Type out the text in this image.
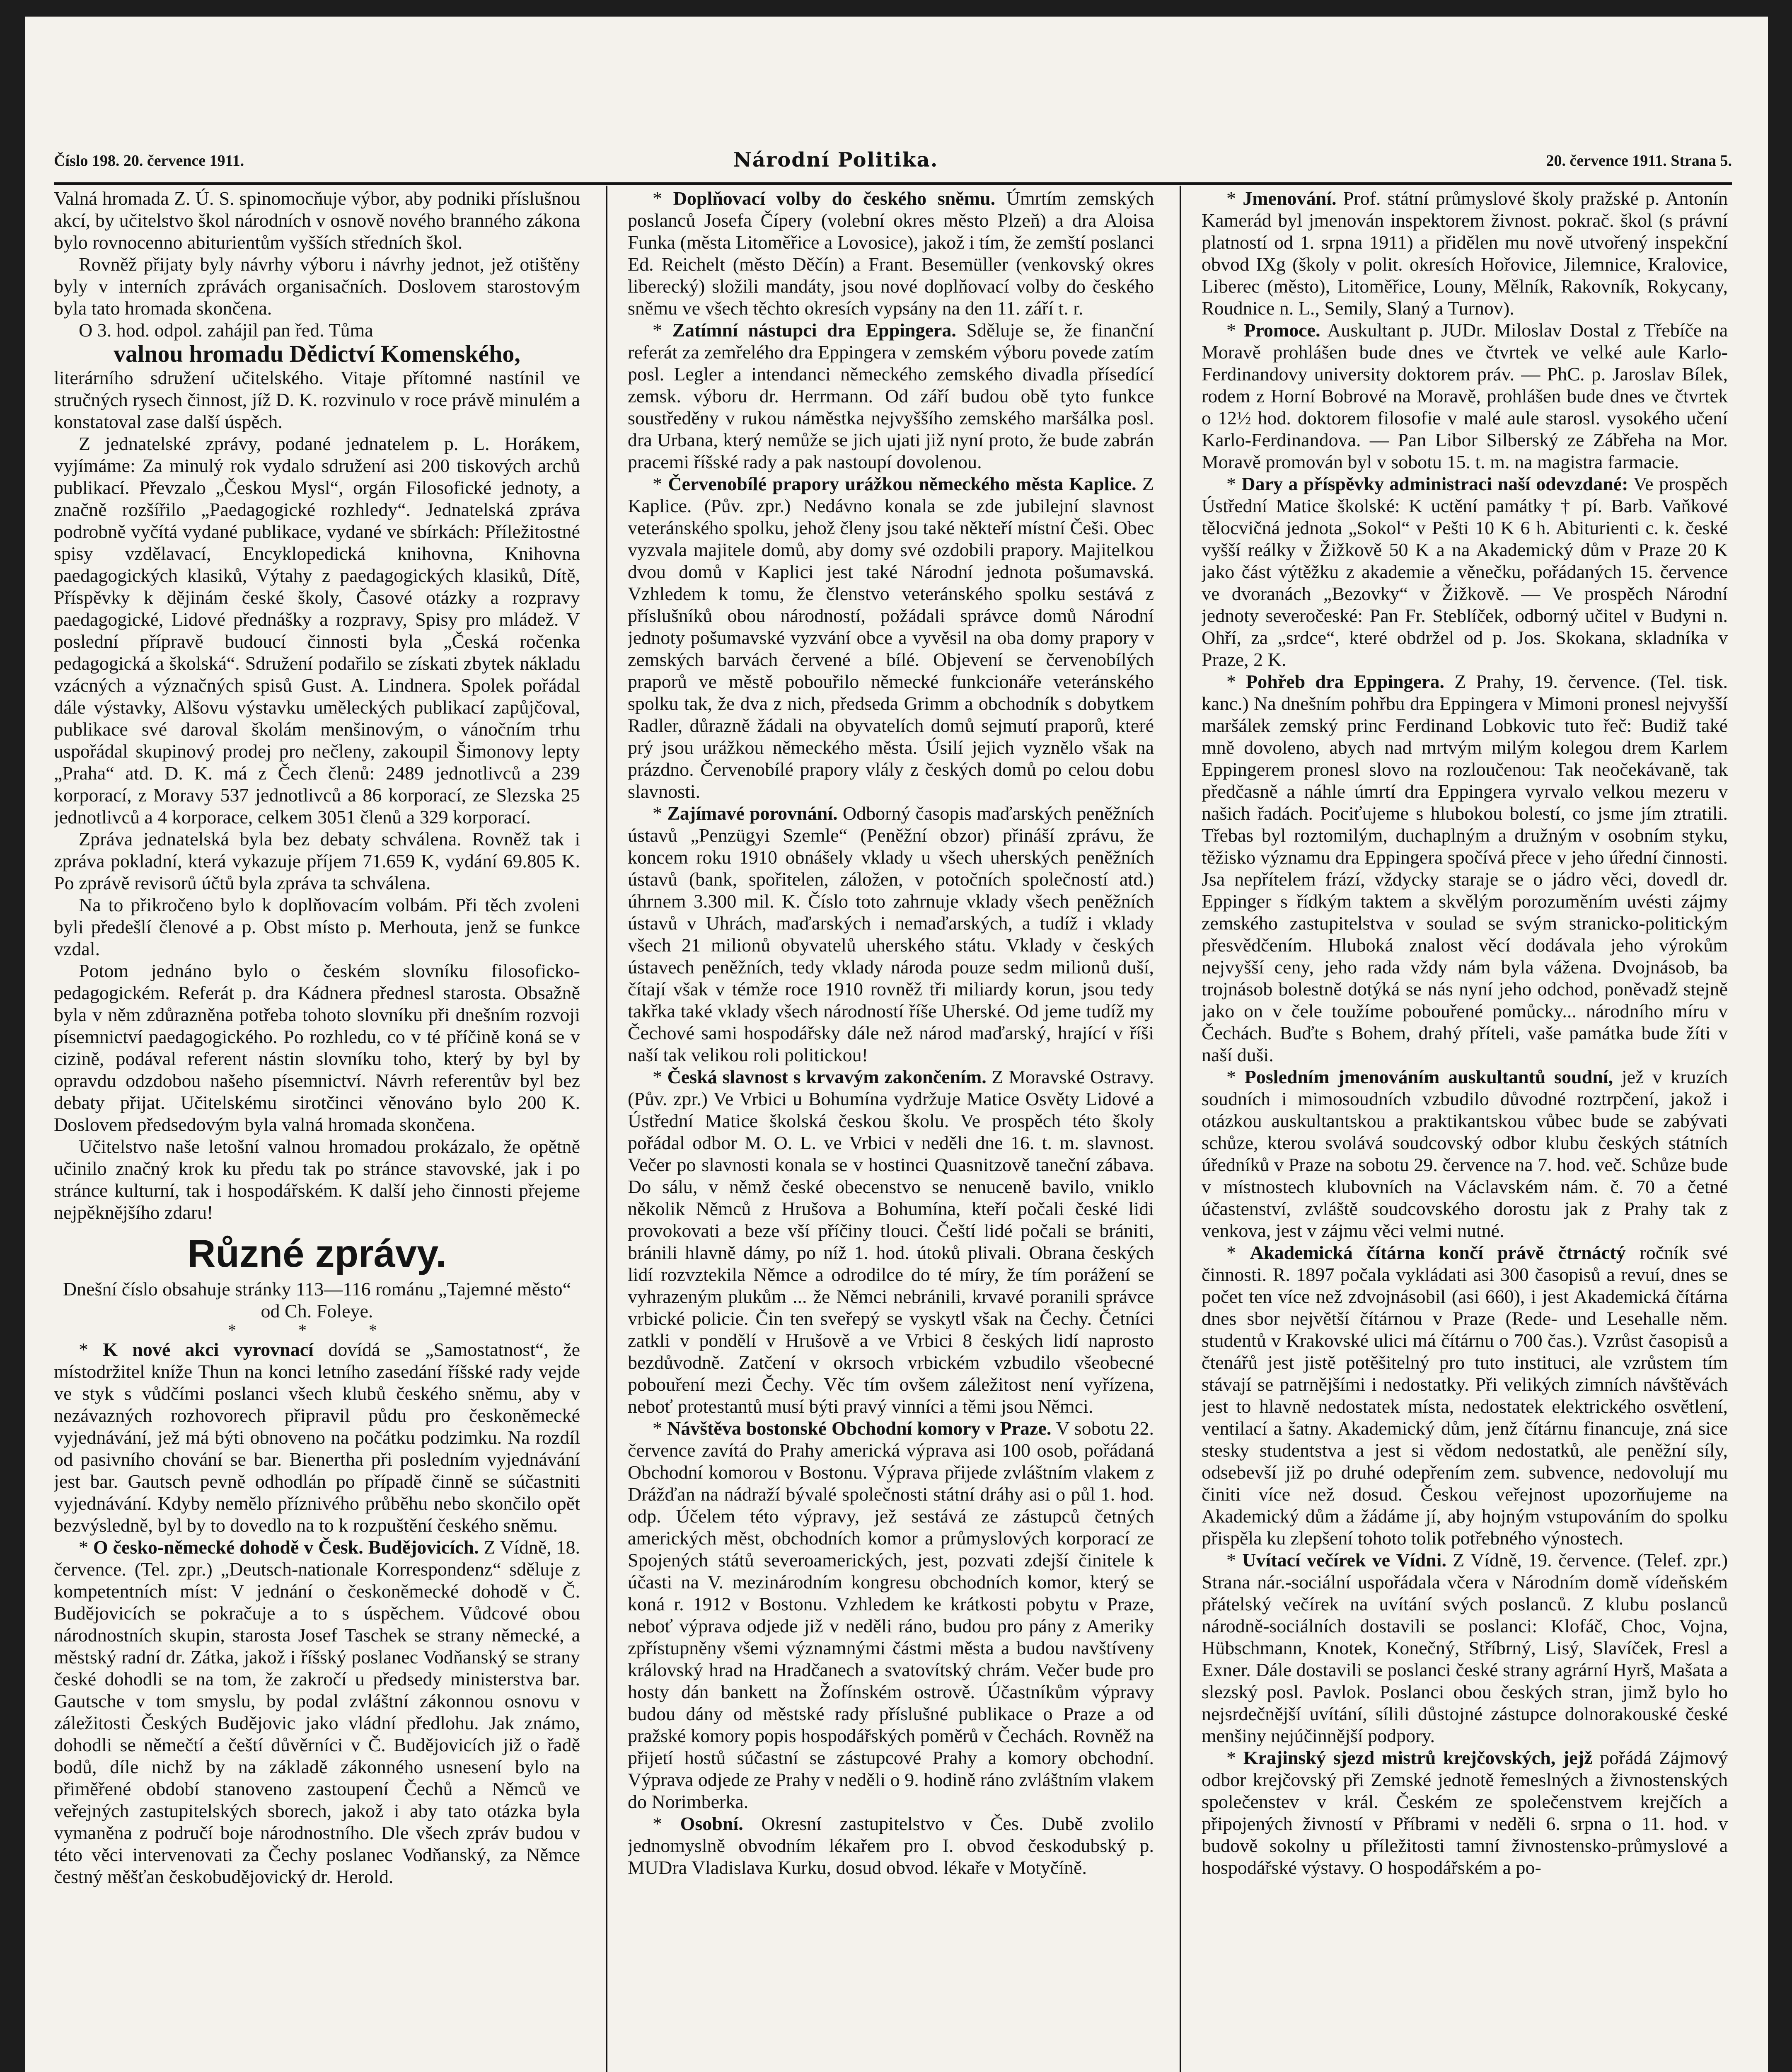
Číslo 198. 20. července 1911.	Národní Politika.	20. července 1911. Strana 5.

Valná hromada Z. Ú. S. spinomocňuje výbor, aby podniki příslušnou akcí, by učitelstvo škol národních v osnově nového branného zákona bylo rovnocenno abiturientům vyšších středních škol.

Rovněž přijaty byly návrhy výboru i návrhy jednot, jež otištěny byly v interních zprávách organisačních. Doslovem starostovým byla tato hromada skončena.

O 3. hod. odpol. zahájil pan řed. Tůma

valnou hromadu Dědictví Komenského,

literárního sdružení učitelského. Vitaje přítomné nastínil ve stručných rysech činnost, jíž D. K. rozvinulo v roce právě minulém a konstatoval zase další úspěch.

Z jednatelské zprávy, podané jednatelem p. L. Horákem, vyjímáme: Za minulý rok vydalo sdružení asi 200 tiskových archů publikací. Převzalo „Českou Mysl“, orgán Filosofické jednoty, a značně rozšířilo „Paedagogické rozhledy“. Jednatelská zpráva podrobně vyčítá vydané publikace, vydané ve sbírkách: Příležitostné spisy vzdělavací, Encyklopedická knihovna, Knihovna paedagogických klasiků, Výtahy z paedagogických klasiků, Dítě, Příspěvky k dějinám české školy, Časové otázky a rozpravy paedagogické, Lidové přednášky a rozpravy, Spisy pro mládež. V poslední přípravě budoucí činnosti byla „Česká ročenka pedagogická a školská“. Sdružení podařilo se získati zbytek nákladu vzácných a význačných spisů Gust. A. Lindnera. Spolek pořádal dále výstavky, Alšovu výstavku uměleckých publikací zapůjčoval, publikace své daroval školám menšinovým, o vánočním trhu uspořádal skupinový prodej pro nečleny, zakoupil Šimonovy lepty „Praha“ atd. D. K. má z Čech členů: 2489 jednotlivců a 239 korporací, z Moravy 537 jednotlivců a 86 korporací, ze Slezska 25 jednotlivců a 4 korporace, celkem 3051 členů a 329 korporací.

Zpráva jednatelská byla bez debaty schválena. Rovněž tak i zpráva pokladní, která vykazuje příjem 71.659 K, vydání 69.805 K. Po zprávě revisorů účtů byla zpráva ta schválena.

Na to přikročeno bylo k doplňovacím volbám. Při těch zvoleni byli předešlí členové a p. Obst místo p. Merhouta, jenž se funkce vzdal.

Potom jednáno bylo o českém slovníku filosoficko-pedagogickém. Referát p. dra Kádnera přednesl starosta. Obsažně byla v něm zdůrazněna potřeba tohoto slovníku při dnešním rozvoji písemnictví paedagogického. Po rozhledu, co v té příčině koná se v cizině, podával referent nástin slovníku toho, který by byl by opravdu odzdobou našeho písemnictví. Návrh referentův byl bez debaty přijat. Učitelskému sirotčinci věnováno bylo 200 K. Doslovem předsedovým byla valná hromada skončena.

Učitelstvo naše letošní valnou hromadou prokázalo, že opětně učinilo značný krok ku předu tak po stránce stavovské, jak i po stránce kulturní, tak i hospodářském. K další jeho činnosti přejeme nejpěknějšího zdaru!

Různé zprávy.

Dnešní číslo obsahuje stránky 113—116 románu „Tajemné město“ od Ch. Foleye.

* * *

* K nové akci vyrovnací dovídá se „Samostatnost“, že místodržitel kníže Thun na konci letního zasedání říšské rady vejde ve styk s vůdčími poslanci všech klubů českého sněmu, aby v nezávazných rozhovorech připravil půdu pro českoněmecké vyjednávání, jež má býti obnoveno na počátku podzimku. Na rozdíl od pasivního chování se bar. Bienertha při posledním vyjednávání jest bar. Gautsch pevně odhodlán po případě činně se súčastniti vyjednávání. Kdyby nemělo příznivého průběhu nebo skončilo opět bezvýsledně, byl by to dovedlo na to k rozpuštění českého sněmu.

* O česko-německé dohodě v Česk. Budějovicích. Z Vídně, 18. července. (Tel. zpr.) „Deutsch-nationale Korrespondenz“ sděluje z kompetentních míst: V jednání o českoněmecké dohodě v Č. Budějovicích se pokračuje a to s úspěchem. Vůdcové obou národnostních skupin, starosta Josef Taschek se strany německé, a městský radní dr. Zátka, jakož i říšský poslanec Vodňanský se strany české dohodli se na tom, že zakročí u předsedy ministerstva bar. Gautsche v tom smyslu, by podal zvláštní zákonnou osnovu v záležitosti Českých Budějovic jako vládní předlohu. Jak známo, dohodli se němečtí a čeští důvěrníci v Č. Budějovicích již o řadě bodů, díle nichž by na základě zákonného usnesení bylo na přiměřené období stanoveno zastoupení Čechů a Němců ve veřejných zastupitelských sborech, jakož i aby tato otázka byla vymaněna z područí boje národnostního. Dle všech zpráv budou v této věci intervenovati za Čechy poslanec Vodňanský, za Němce čestný měšťan českobudějovický dr. Herold.

* Doplňovací volby do českého sněmu. Úmrtím zemských poslanců Josefa Čípery (volební okres město Plzeň) a dra Aloisa Funka (města Litoměřice a Lovosice), jakož i tím, že zemští poslanci Ed. Reichelt (město Děčín) a Frant. Besemüller (venkovský okres liberecký) složili mandáty, jsou nové doplňovací volby do českého sněmu ve všech těchto okresích vypsány na den 11. září t. r.

* Zatímní nástupci dra Eppingera. Sděluje se, že finanční referát za zemřelého dra Eppingera v zemském výboru povede zatím posl. Legler a intendanci německého zemského divadla přísedící zemsk. výboru dr. Herrmann. Od září budou obě tyto funkce soustředěny v rukou náměstka nejvyššího zemského maršálka posl. dra Urbana, který nemůže se jich ujati již nyní proto, že bude zabrán pracemi říšské rady a pak nastoupí dovolenou.

* Červenobílé prapory urážkou německého města Kaplice. Z Kaplice. (Pův. zpr.) Nedávno konala se zde jubilejní slavnost veteránského spolku, jehož členy jsou také někteří místní Češi. Obec vyzvala majitele domů, aby domy své ozdobili prapory. Majitelkou dvou domů v Kaplici jest také Národní jednota pošumavská. Vzhledem k tomu, že členstvo veteránského spolku sestává z příslušníků obou národností, požádali správce domů Národní jednoty pošumavské vyzvání obce a vyvěsil na oba domy prapory v zemských barvách červené a bílé. Objevení se červenobílých praporů ve městě pobouřilo německé funkcionáře veteránského spolku tak, že dva z nich, předseda Grimm a obchodník s dobytkem Radler, důrazně žádali na obyvatelích domů sejmutí praporů, které prý jsou urážkou německého města. Úsilí jejich vyznělo však na prázdno. Červenobílé prapory vlály z českých domů po celou dobu slavnosti.

* Zajímavé porovnání. Odborný časopis maďarských peněžních ústavů „Penzügyi Szemle“ (Peněžní obzor) přináší zprávu, že koncem roku 1910 obnášely vklady u všech uherských peněžních ústavů (bank, spořitelen, záložen, v potočních společností atd.) úhrnem 3.300 mil. K. Číslo toto zahrnuje vklady všech peněžních ústavů v Uhrách, maďarských i nemaďarských, a tudíž i vklady všech 21 milionů obyvatelů uherského státu. Vklady v českých ústavech peněžních, tedy vklady národa pouze sedm milionů duší, čítají však v témže roce 1910 rovněž tři miliardy korun, jsou tedy takřka také vklady všech národností říše Uherské. Od jeme tudíž my Čechové sami hospodářsky dále než národ maďarský, hrající v říši naší tak velikou roli politickou!

* Česká slavnost s krvavým zakončením. Z Moravské Ostravy. (Pův. zpr.) Ve Vrbici u Bohumína vydržuje Matice Osvěty Lidové a Ústřední Matice školská českou školu. Ve prospěch této školy pořádal odbor M. O. L. ve Vrbici v neděli dne 16. t. m. slavnost. Večer po slavnosti konala se v hostinci Quasnitzově taneční zábava. Do sálu, v němž české obecenstvo se nenuceně bavilo, vniklo několik Němců z Hrušova a Bohumína, kteří počali české lidi provokovati a beze vší příčiny tlouci. Čeští lidé počali se brániti, bránili hlavně dámy, po níž 1. hod. útoků plivali. Obrana českých lidí rozvztekila Němce a odrodilce do té míry, že tím porážení se vyhrazeným plukům ... že Němci nebránili, krvavé poranili správce vrbické policie. Čin ten sveřepý se vyskytl však na Čechy. Četníci zatkli v pondělí v Hrušově a ve Vrbici 8 českých lidí naprosto bezdůvodně. Zatčení v okrsoch vrbickém vzbudilo všeobecné pobouření mezi Čechy. Věc tím ovšem záležitost není vyřízena, neboť protestantů musí býti pravý vinníci a těmi jsou Němci.

* Návštěva bostonské Obchodní komory v Praze. V sobotu 22. července zavítá do Prahy americká výprava asi 100 osob, pořádaná Obchodní komorou v Bostonu. Výprava přijede zvláštním vlakem z Drážďan na nádraží bývalé společnosti státní dráhy asi o půl 1. hod. odp. Účelem této výpravy, jež sestává ze zástupců četných amerických měst, obchodních komor a průmyslových korporací ze Spojených států severoamerických, jest, pozvati zdejší činitele k účasti na V. mezinárodním kongresu obchodních komor, který se koná r. 1912 v Bostonu. Vzhledem ke krátkosti pobytu v Praze, neboť výprava odjede již v neděli ráno, budou pro pány z Ameriky zpřístupněny všemi významnými částmi města a budou navštíveny královský hrad na Hradčanech a svatovítský chrám. Večer bude pro hosty dán bankett na Žofínském ostrově. Účastníkům výpravy budou dány od městské rady příslušné publikace o Praze a od pražské komory popis hospodářských poměrů v Čechách. Rovněž na přijetí hostů súčastní se zástupcové Prahy a komory obchodní. Výprava odjede ze Prahy v neděli o 9. hodině ráno zvláštním vlakem do Norimberka.

* Osobní. Okresní zastupitelstvo v Čes. Dubě zvolilo jednomyslně obvodním lékařem pro I. obvod českodubský p. MUDra Vladislava Kurku, dosud obvod. lékaře v Motyčíně.

* Jmenování. Prof. státní průmyslové školy pražské p. Antonín Kamerád byl jmenován inspektorem živnost. pokrač. škol (s právní platností od 1. srpna 1911) a přidělen mu nově utvořený inspekční obvod IXg (školy v polit. okresích Hořovice, Jilemnice, Kralovice, Liberec (město), Litoměřice, Louny, Mělník, Rakovník, Rokycany, Roudnice n. L., Semily, Slaný a Turnov).

* Promoce. Auskultant p. JUDr. Miloslav Dostal z Třebíče na Moravě prohlášen bude dnes ve čtvrtek ve velké aule Karlo-Ferdinandovy university doktorem práv. — PhC. p. Jaroslav Bílek, rodem z Horní Bobrové na Moravě, prohlášen bude dnes ve čtvrtek o 12½ hod. doktorem filosofie v malé aule starosl. vysokého učení Karlo-Ferdinandova. — Pan Libor Silberský ze Zábřeha na Mor. Moravě promován byl v sobotu 15. t. m. na magistra farmacie.

* Dary a příspěvky administraci naší odevzdané: Ve prospěch Ústřední Matice školské: K uctění památky † pí. Barb. Vaňkové tělocvičná jednota „Sokol“ v Pešti 10 K 6 h. Abiturienti c. k. české vyšší reálky v Žižkově 50 K a na Akademický dům v Praze 20 K jako část výtěžku z akademie a věnečku, pořádaných 15. července ve dvoranách „Bezovky“ v Žižkově. — Ve prospěch Národní jednoty severočeské: Pan Fr. Steblíček, odborný učitel v Budyni n. Ohří, za „srdce“, které obdržel od p. Jos. Skokana, skladníka v Praze, 2 K.

* Pohřeb dra Eppingera. Z Prahy, 19. července. (Tel. tisk. kanc.) Na dnešním pohřbu dra Eppingera v Mimoni pronesl nejvyšší maršálek zemský princ Ferdinand Lobkovic tuto řeč: Budiž také mně dovoleno, abych nad mrtvým milým kolegou drem Karlem Eppingerem pronesl slovo na rozloučenou: Tak neočekávaně, tak předčasně a náhle úmrtí dra Eppingera vyrvalo velkou mezeru v našich řadách. Pociťujeme s hlubokou bolestí, co jsme jím ztratili. Třebas byl roztomilým, duchaplným a družným v osobním styku, těžisko významu dra Eppingera spočívá přece v jeho úřední činnosti. Jsa nepřítelem frází, vždycky staraje se o jádro věci, dovedl dr. Eppinger s řídkým taktem a skvělým porozuměním uvésti zájmy zemského zastupitelstva v soulad se svým stranicko-politickým přesvědčením. Hluboká znalost věcí dodávala jeho výrokům nejvyšší ceny, jeho rada vždy nám byla vážena. Dvojnásob, ba trojnásob bolestně dotýká se nás nyní jeho odchod, poněvadž stejně jako on v čele toužíme pobouřené pomůcky... národního míru v Čechách. Buďte s Bohem, drahý příteli, vaše památka bude žíti v naší duši.

* Posledním jmenováním auskultantů soudní, jež v kruzích soudních i mimosoudních vzbudilo důvodné roztrpčení, jakož i otázkou auskultantskou a praktikantskou vůbec bude se zabývati schůze, kterou svolává soudcovský odbor klubu českých státních úředníků v Praze na sobotu 29. července na 7. hod. več. Schůze bude v místnostech klubovních na Václavském nám. č. 70 a četné účastenství, zvláště soudcovského dorostu jak z Prahy tak z venkova, jest v zájmu věci velmi nutné.

* Akademická čítárna končí právě čtrnáctý ročník své činnosti. R. 1897 počala vykládati asi 300 časopisů a revuí, dnes se počet ten více než zdvojnásobil (asi 660), i jest Akademická čítárna dnes sbor největší čítárnou v Praze (Rede- und Lesehalle něm. studentů v Krakovské ulici má čítárnu o 700 čas.). Vzrůst časopisů a čtenářů jest jistě potěšitelný pro tuto instituci, ale vzrůstem tím stávají se patrnějšími i nedostatky. Při velikých zimních návštěvách jest to hlavně nedostatek místa, nedostatek elektrického osvětlení, ventilací a šatny. Akademický dům, jenž čítárnu financuje, zná sice stesky studentstva a jest si vědom nedostatků, ale peněžní síly, odsebevší již po druhé odepřením zem. subvence, nedovolují mu činiti více než dosud. Českou veřejnost upozorňujeme na Akademický dům a žádáme jí, aby hojným vstupováním do spolku přispěla ku zlepšení tohoto tolik potřebného výnostech.

* Uvítací večírek ve Vídni. Z Vídně, 19. července. (Telef. zpr.) Strana nár.-sociální uspořádala včera v Národním domě vídeňském přátelský večírek na uvítání svých poslanců. Z klubu poslanců národně-sociálních dostavili se poslanci: Klofáč, Choc, Vojna, Hübschmann, Knotek, Konečný, Stříbrný, Lisý, Slavíček, Fresl a Exner. Dále dostavili se poslanci české strany agrární Hyrš, Mašata a slezský posl. Pavlok. Poslanci obou českých stran, jimž bylo ho nejsrdečnější uvítání, sílili důstojné zástupce dolnorakouské české menšiny nejúčinnější podpory.

* Krajinský sjezd mistrů krejčovských, jejž pořádá Zájmový odbor krejčovský při Zemské jednotě řemeslných a živnostenských společenstev v král. Českém ze společenstvem krejčích a připojených živností v Příbrami v neděli 6. srpna o 11. hod. v budově sokolny u příležitosti tamní živnostensko-průmyslové a hospodářské výstavy. O hospodářském a po-
